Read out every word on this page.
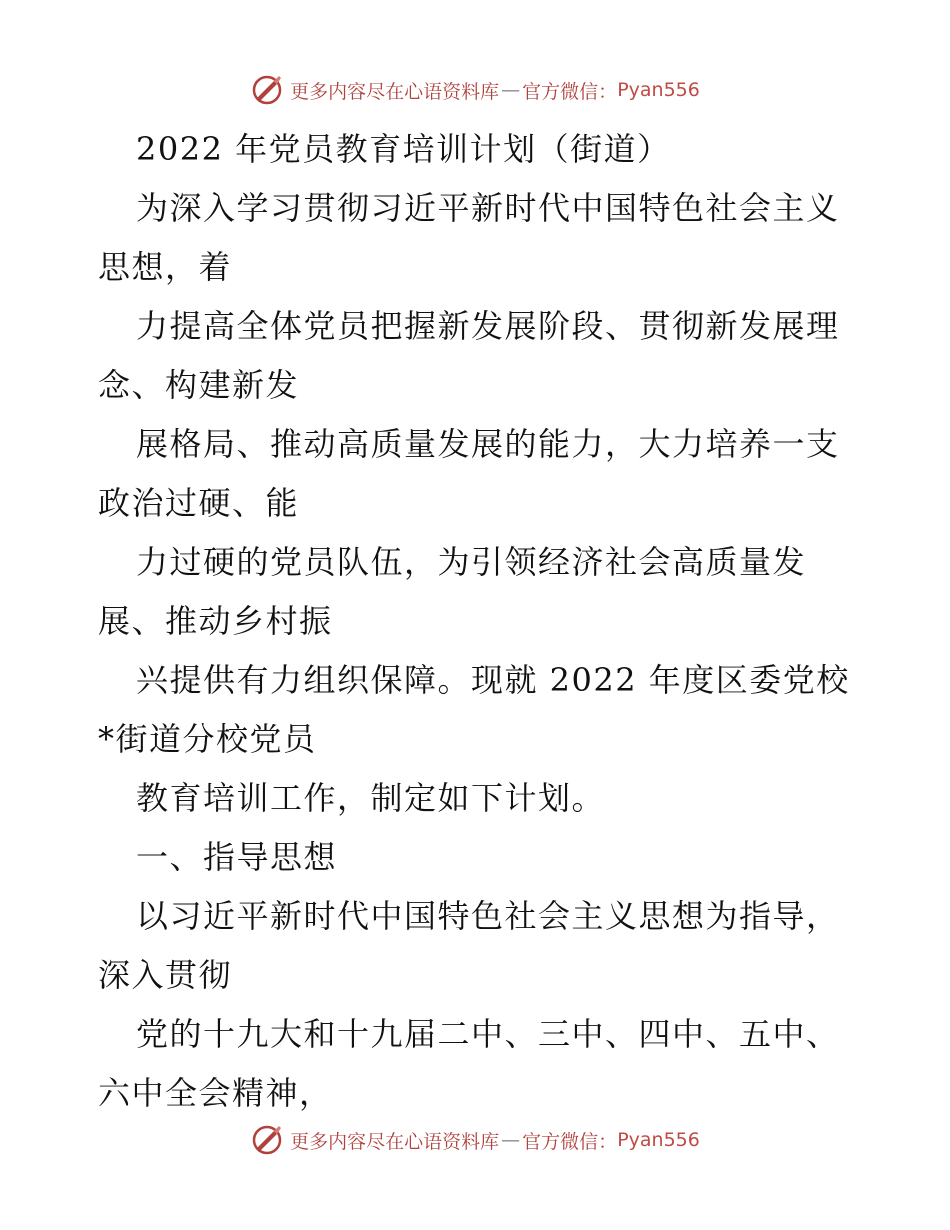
更多内容尽在心语资料库 — 官方微信： Pyan556
2022 年党员教育培训计划（街道）
为深入学习贯彻习近平新时代中国特色社会主义
思想，着
力提高全体党员把握新发展阶段、贯彻新发展理
念、构建新发
展格局、推动高质量发展的能力，大力培养一支
政治过硬、能
力过硬的党员队伍，为引领经济社会高质量发
展、推动乡村振
兴提供有力组织保障。现就 2022 年度区委党校
*街道分校党员
教育培训工作，制定如下计划。
一、指导思想
以习近平新时代中国特色社会主义思想为指导，
深入贯彻
党的十九大和十九届二中、三中、四中、五中、
六中全会精神，
更多内容尽在心语资料库 — 官方微信： Pyan556
